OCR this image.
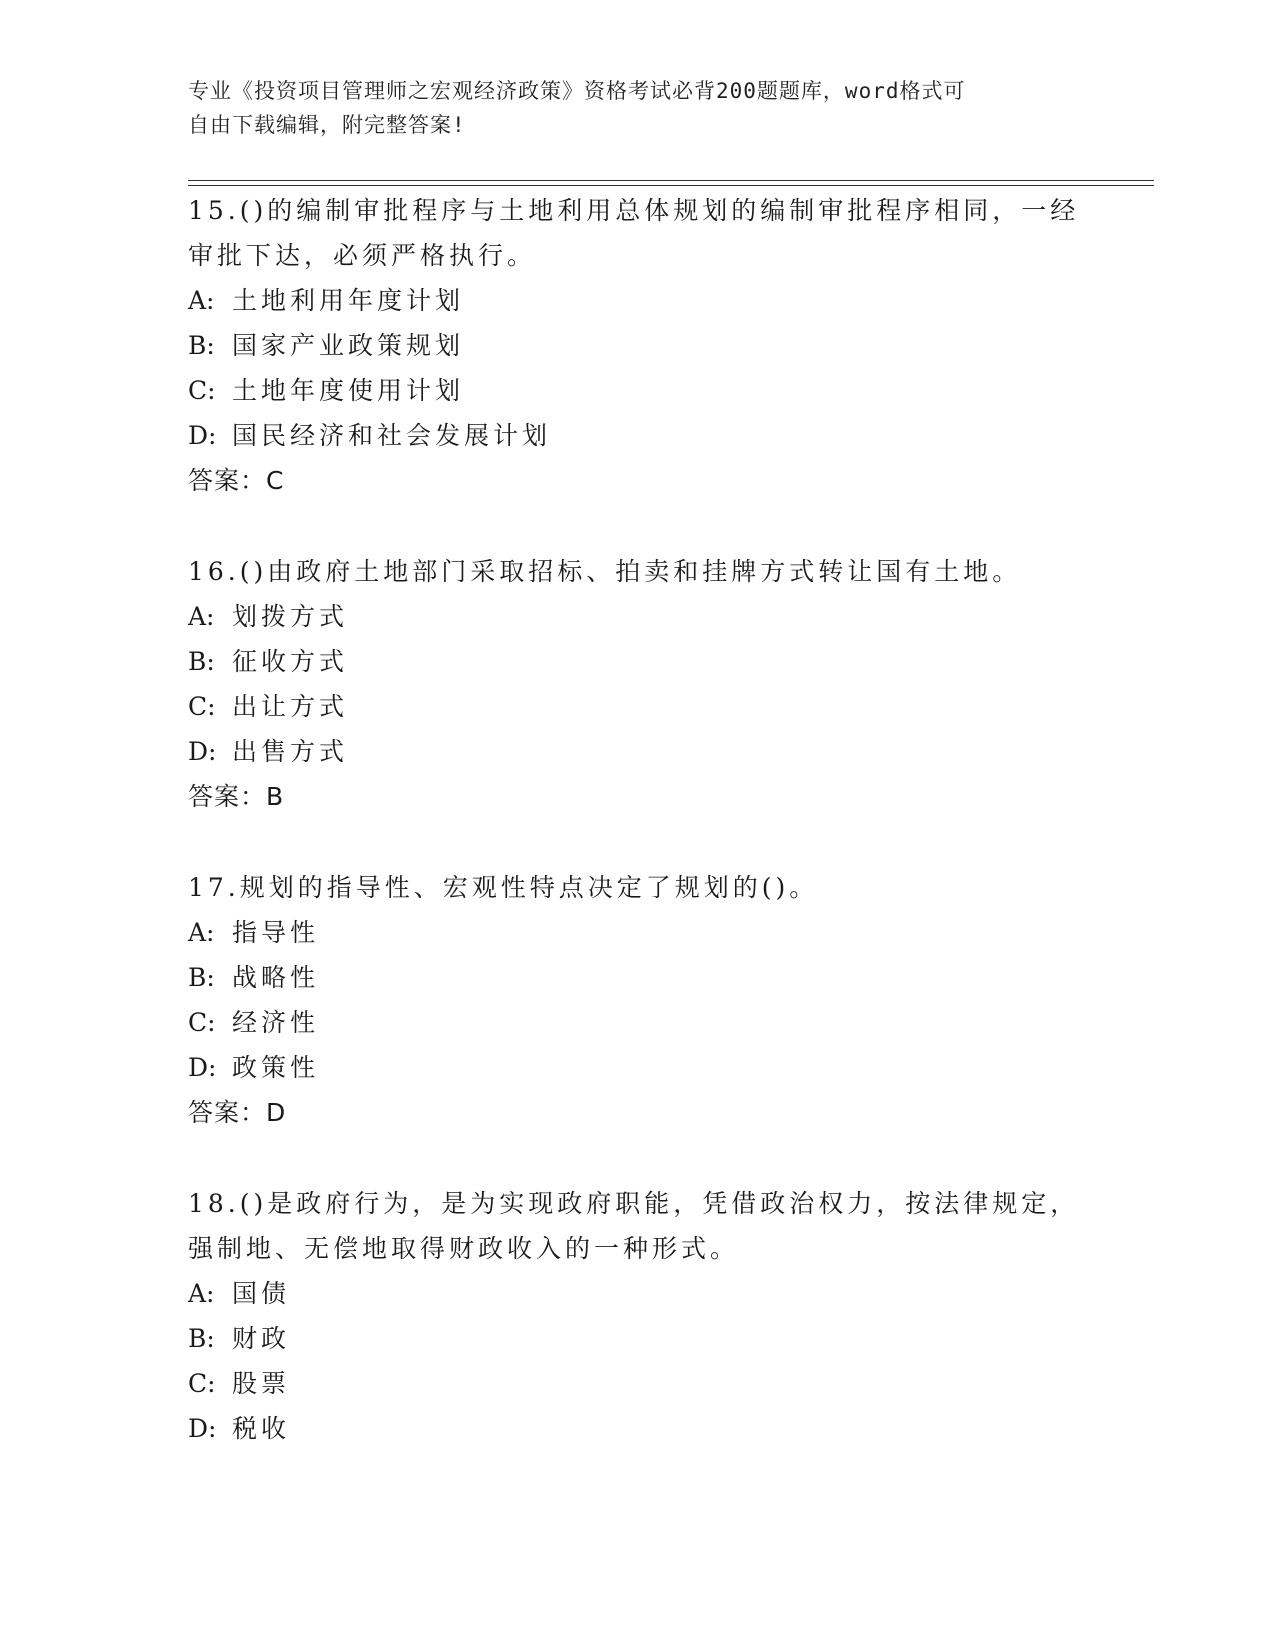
专业《投资项目管理师之宏观经济政策》资格考试必背200题题库，word格式可
自由下载编辑，附完整答案!

15.()的编制审批程序与土地利用总体规划的编制审批程序相同，一经

审批下达，必须严格执行。

A: 土地利用年度计划

B: 国家产业政策规划

C: 土地年度使用计划

D: 国民经济和社会发展计划

答案：C

16.()由政府土地部门采取招标、拍卖和挂牌方式转让国有土地。

A: 划拨方式

B: 征收方式

C: 出让方式

D: 出售方式

答案：B

17.规划的指导性、宏观性特点决定了规划的()。

A: 指导性

B: 战略性

C: 经济性

D: 政策性

答案：D

18.()是政府行为，是为实现政府职能，凭借政治权力，按法律规定，

强制地、无偿地取得财政收入的一种形式。

A: 国债

B: 财政

C: 股票

D: 税收
